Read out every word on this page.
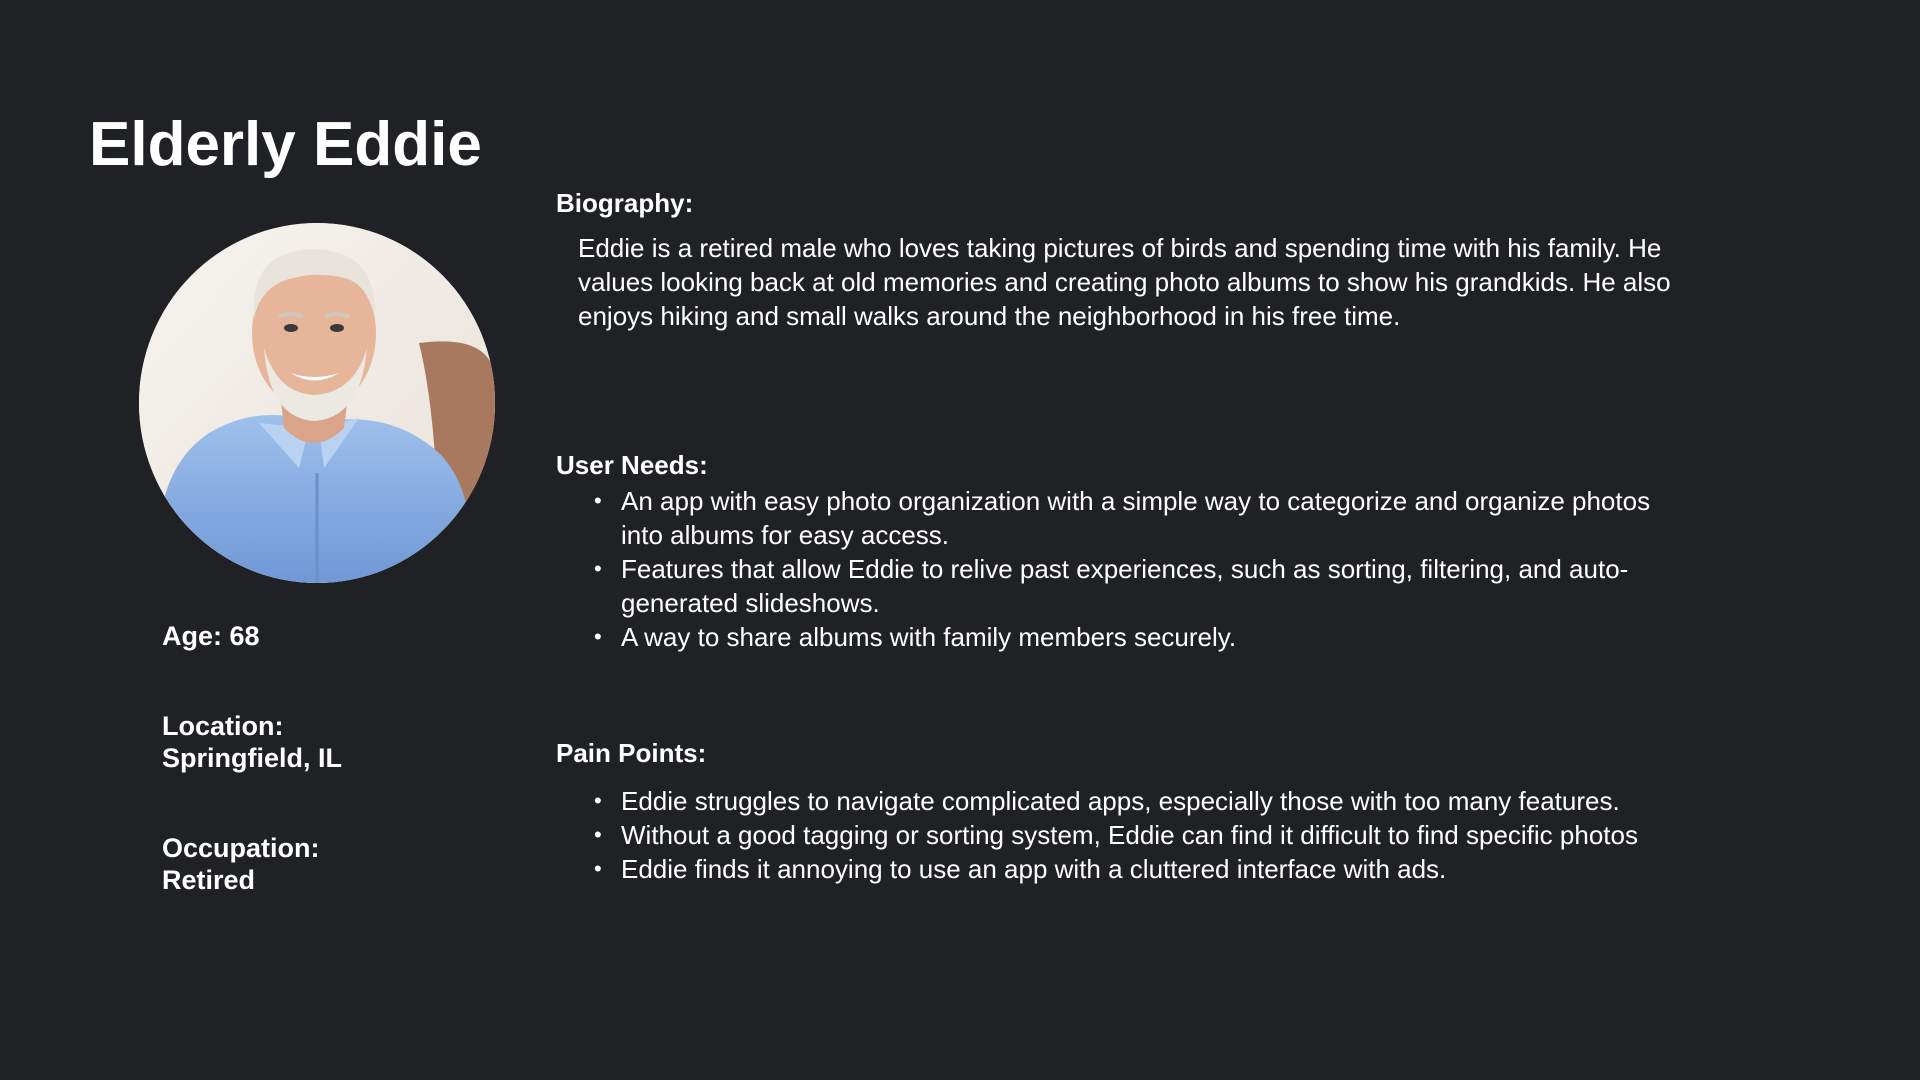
Elderly Eddie

Age: 68

Location:
Springfield, IL

Occupation:
Retired

Biography:

Eddie is a retired male who loves taking pictures of birds and spending time with his family. He values looking back at old memories and creating photo albums to show his grandkids. He also enjoys hiking and small walks around the neighborhood in his free time.

User Needs:
• An app with easy photo organization with a simple way to categorize and organize photos into albums for easy access.
• Features that allow Eddie to relive past experiences, such as sorting, filtering, and auto-generated slideshows.
• A way to share albums with family members securely.
Pain Points:
• Eddie struggles to navigate complicated apps, especially those with too many features.
• Without a good tagging or sorting system, Eddie can find it difficult to find specific photos
• Eddie finds it annoying to use an app with a cluttered interface with ads.
